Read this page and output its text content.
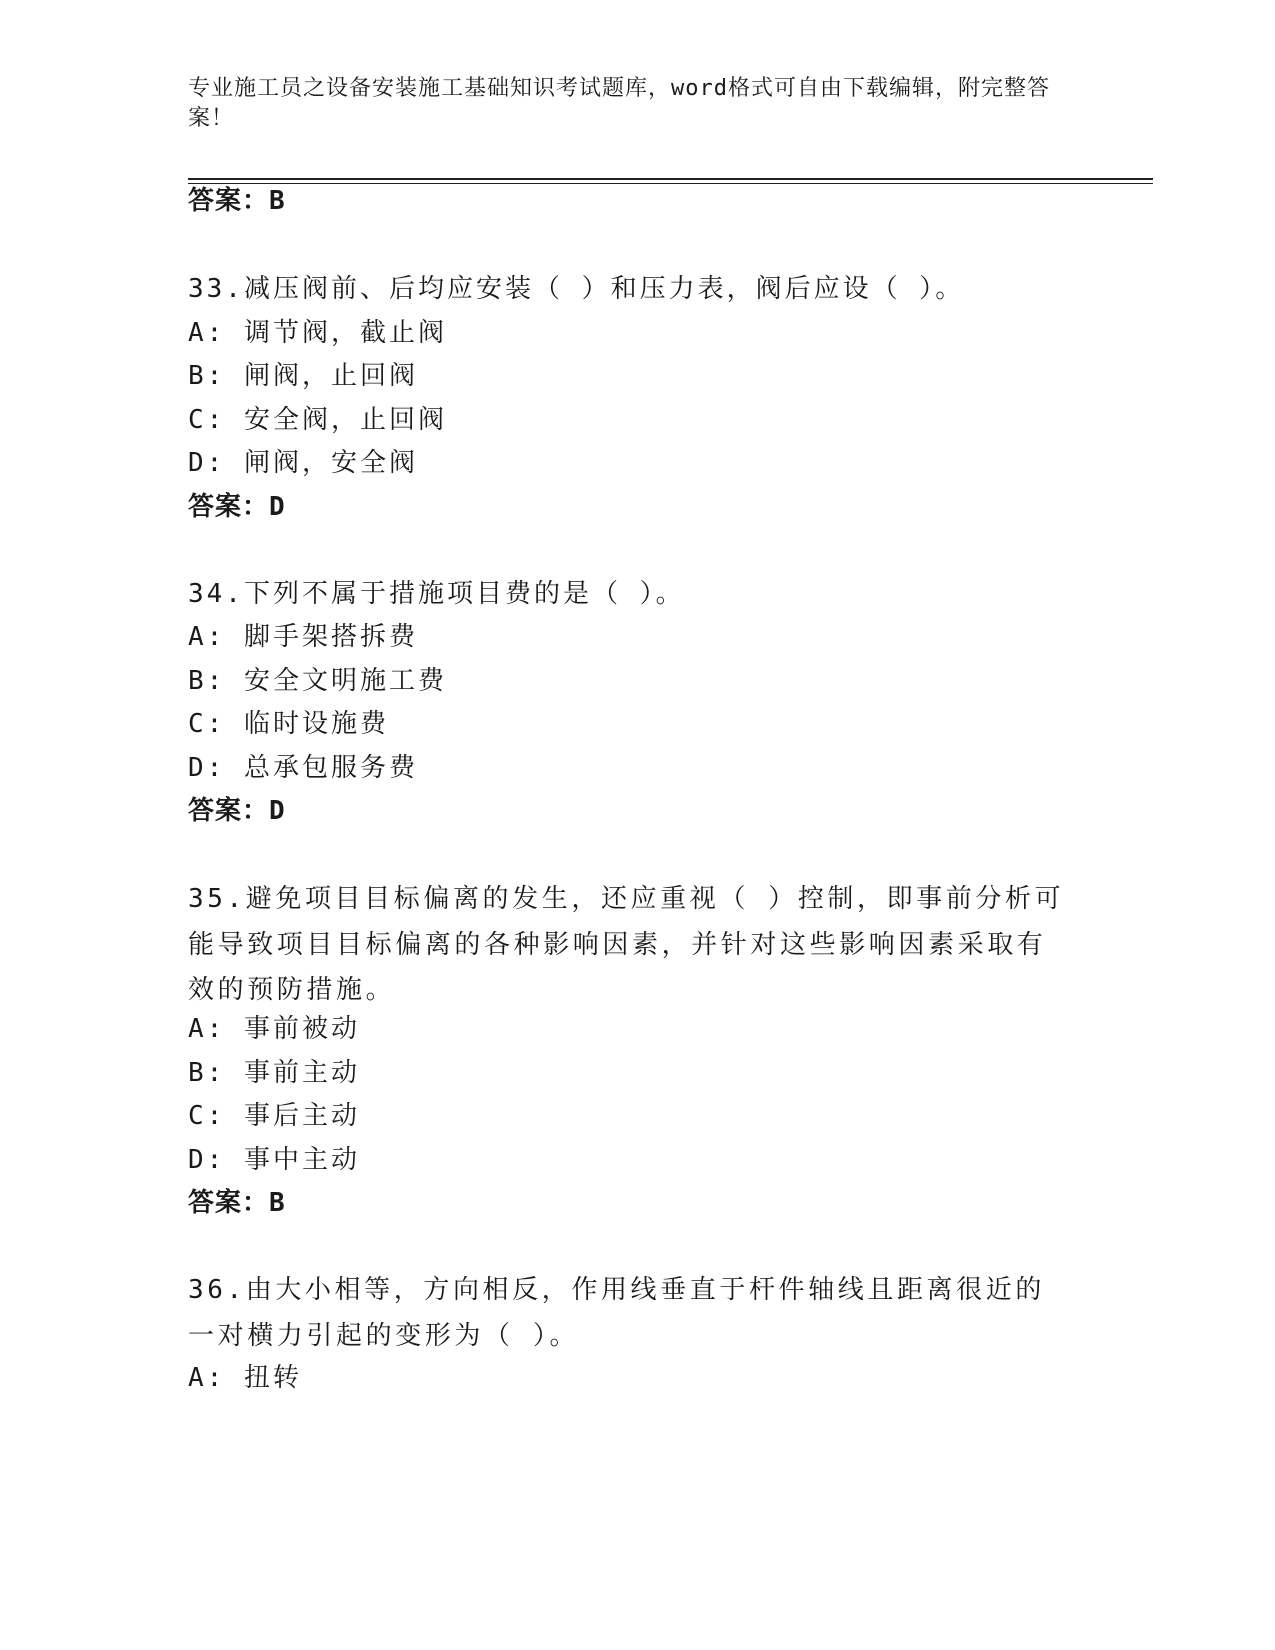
专业施工员之设备安装施工基础知识考试题库，word格式可自由下载编辑，附完整答案！
答案：B
33.减压阀前、后均应安装（ ）和压力表，阀后应设（ ）。
A: 调节阀，截止阀
B: 闸阀，止回阀
C: 安全阀，止回阀
D: 闸阀，安全阀
答案：D
34.下列不属于措施项目费的是（ ）。
A: 脚手架搭拆费
B: 安全文明施工费
C: 临时设施费
D: 总承包服务费
答案：D
35.避免项目目标偏离的发生，还应重视（ ）控制，即事前分析可能导致项目目标偏离的各种影响因素，并针对这些影响因素采取有效的预防措施。
A: 事前被动
B: 事前主动
C: 事后主动
D: 事中主动
答案：B
36.由大小相等，方向相反，作用线垂直于杆件轴线且距离很近的一对横力引起的变形为（ ）。
A: 扭转
